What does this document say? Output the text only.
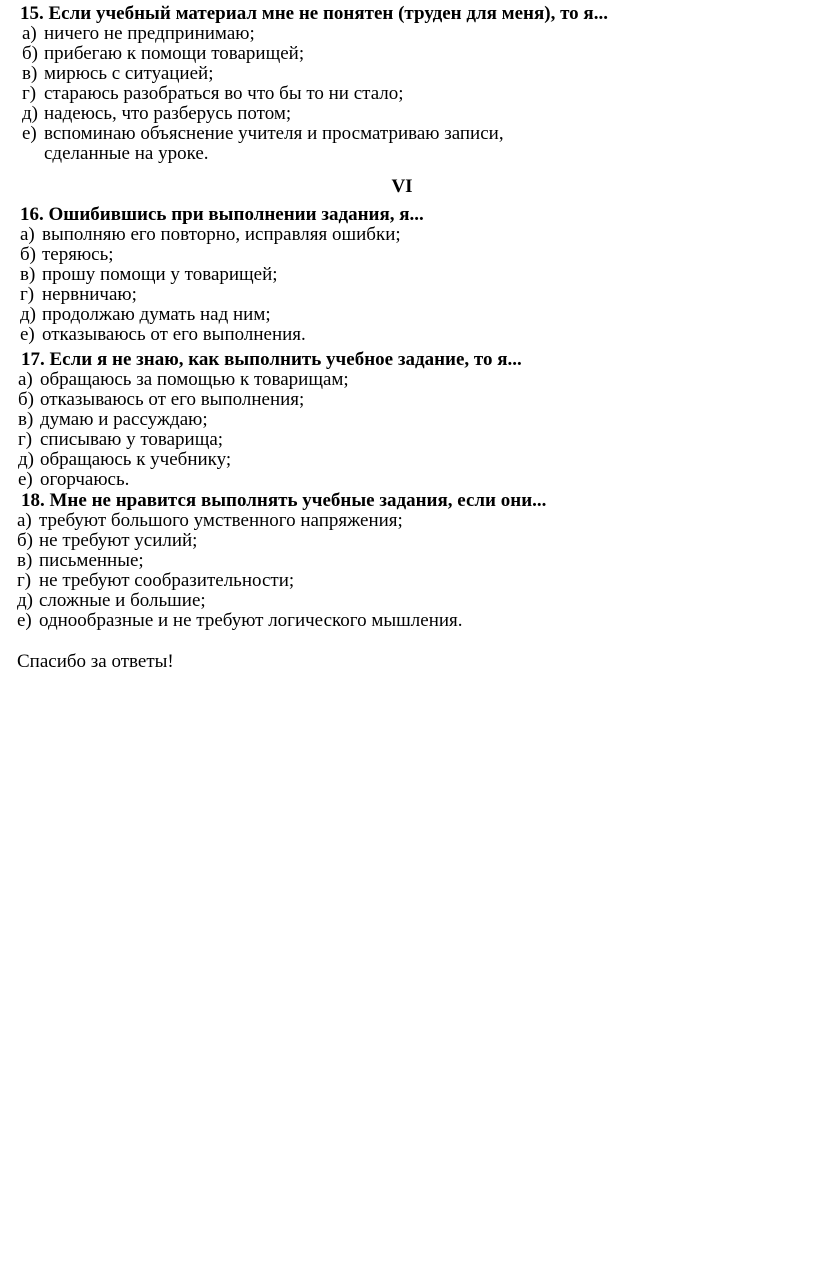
15. Если учебный материал мне не понятен (труден для меня), то я...
а) ничего не предпринимаю;
б) прибегаю к помощи товарищей;
в) мирюсь с ситуацией;
г) стараюсь разобраться во что бы то ни стало;
д) надеюсь, что разберусь потом;
е) вспоминаю объяснение учителя и просматриваю записи,
сделанные на уроке.
VI
16. Ошибившись при выполнении задания, я...
а) выполняю его повторно, исправляя ошибки;
б) теряюсь;
в) прошу помощи у товарищей;
г) нервничаю;
д) продолжаю думать над ним;
е) отказываюсь от его выполнения.
17. Если я не знаю, как выполнить учебное задание, то я...
а) обращаюсь за помощью к товарищам;
б) отказываюсь от его выполнения;
в) думаю и рассуждаю;
г) списываю у товарища;
д) обращаюсь к учебнику;
е) огорчаюсь.
18. Мне не нравится выполнять учебные задания, если они...
а) требуют большого умственного напряжения;
б) не требуют усилий;
в) письменные;
г) не требуют сообразительности;
д) сложные и большие;
е) однообразные и не требуют логического мышления.
Спасибо за ответы!
